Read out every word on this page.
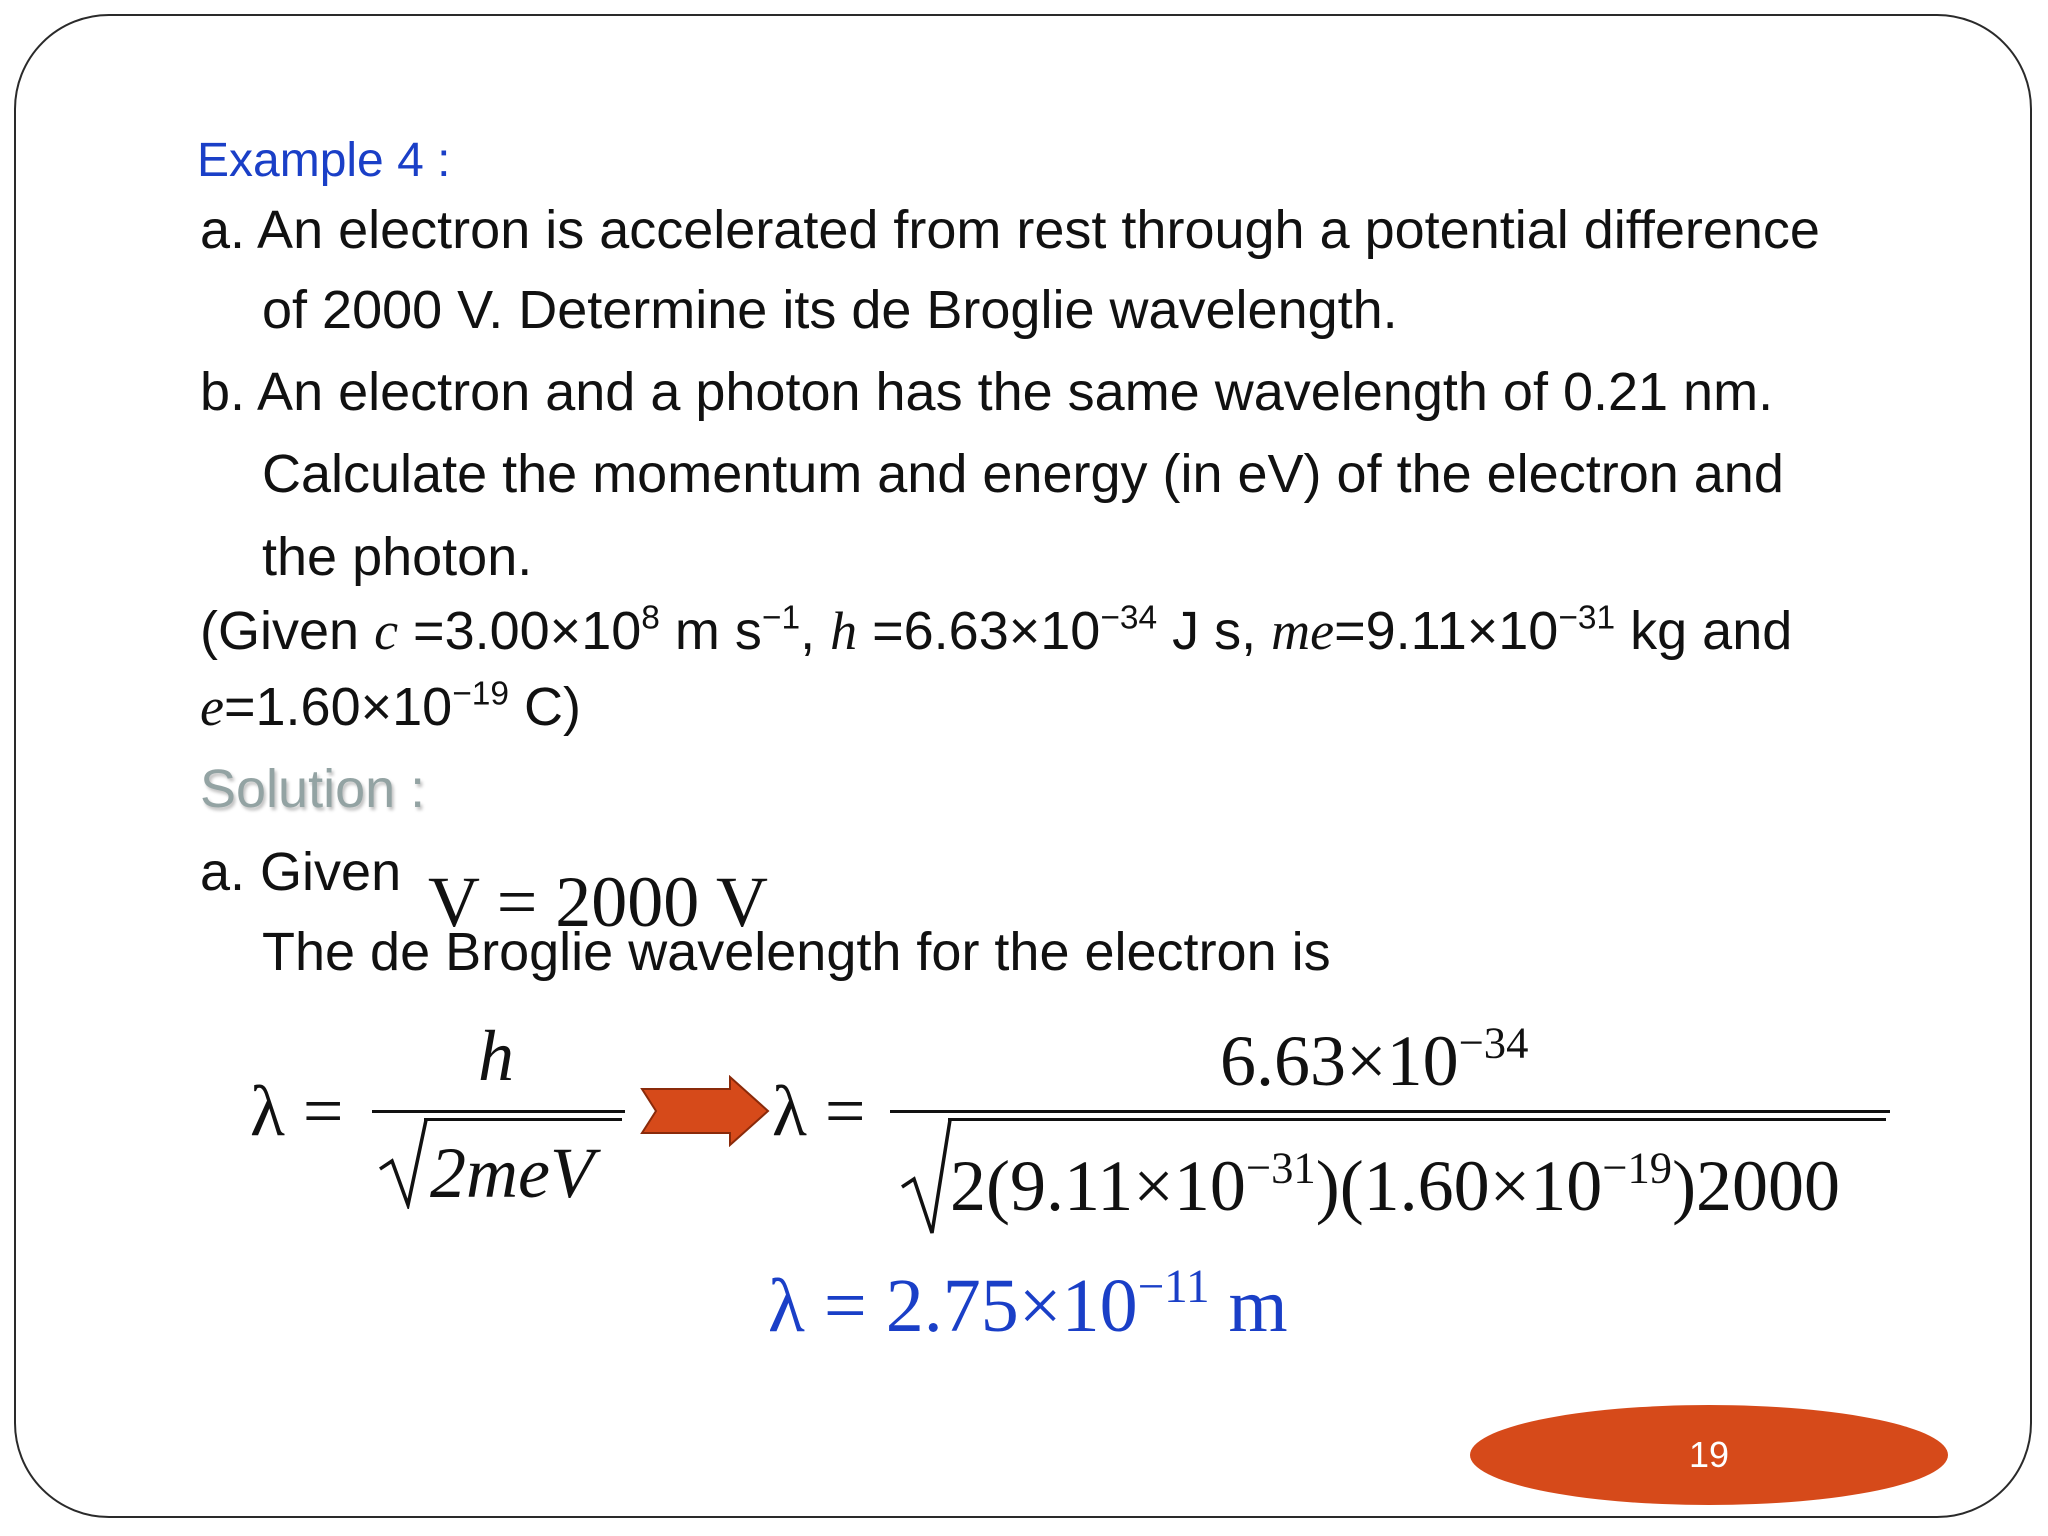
Example 4 :
a. An electron is accelerated from rest through a potential difference
of 2000 V. Determine its de Broglie wavelength.
b. An electron and a photon has the same wavelength of 0.21 nm.
Calculate the momentum and energy (in eV) of the electron and
the photon.
(Given $c =3.00\times 10^8$ m $s^{-1}$, $h =6.63\times 10^{-34}$ J s, $me=9.11\times 10^{-31}$ kg and
$e=1.60\times 10^{-19}$ C)
Solution :
a. Given V = 2000 V
The de Broglie wavelength for the electron is
λ =
h
2meV
λ =
$6.63\times 10^{-34}$
$2(9.11\times 10^{-31})(1.60\times 10^{-19})2000$
$\lambda = 2.75\times 10^{-11}$ m
19
